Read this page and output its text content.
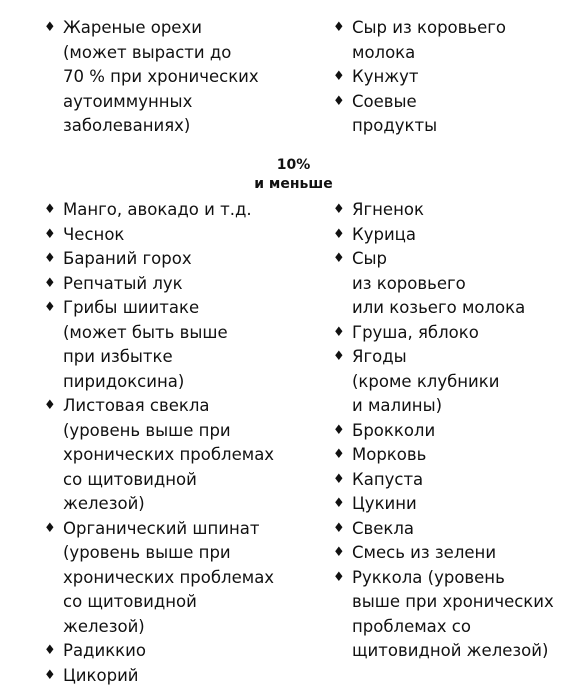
♦ Жареные орехи
(может вырасти до
70 % при хронических
аутоиммунных
заболеваниях)
♦ Сыр из коровьего
молока
♦ Кунжут
♦ Соевые
продукты
10%
и меньше
♦ Манго, авокадо и т.д.
♦ Чеснок
♦ Бараний горох
♦ Репчатый лук
♦ Грибы шиитаке
(может быть выше
при избытке
пиридоксина)
♦ Листовая свекла
(уровень выше при
хронических проблемах
со щитовидной
железой)
♦ Органический шпинат
(уровень выше при
хронических проблемах
со щитовидной
железой)
♦ Радиккио
♦ Цикорий
♦ Ягненок
♦ Курица
♦ Сыр
из коровьего
или козьего молока
♦ Груша, яблоко
♦ Ягоды
(кроме клубники
и малины)
♦ Брокколи
♦ Морковь
♦ Капуста
♦ Цукини
♦ Свекла
♦ Смесь из зелени
♦ Руккола (уровень
выше при хронических
проблемах со
щитовидной железой)
